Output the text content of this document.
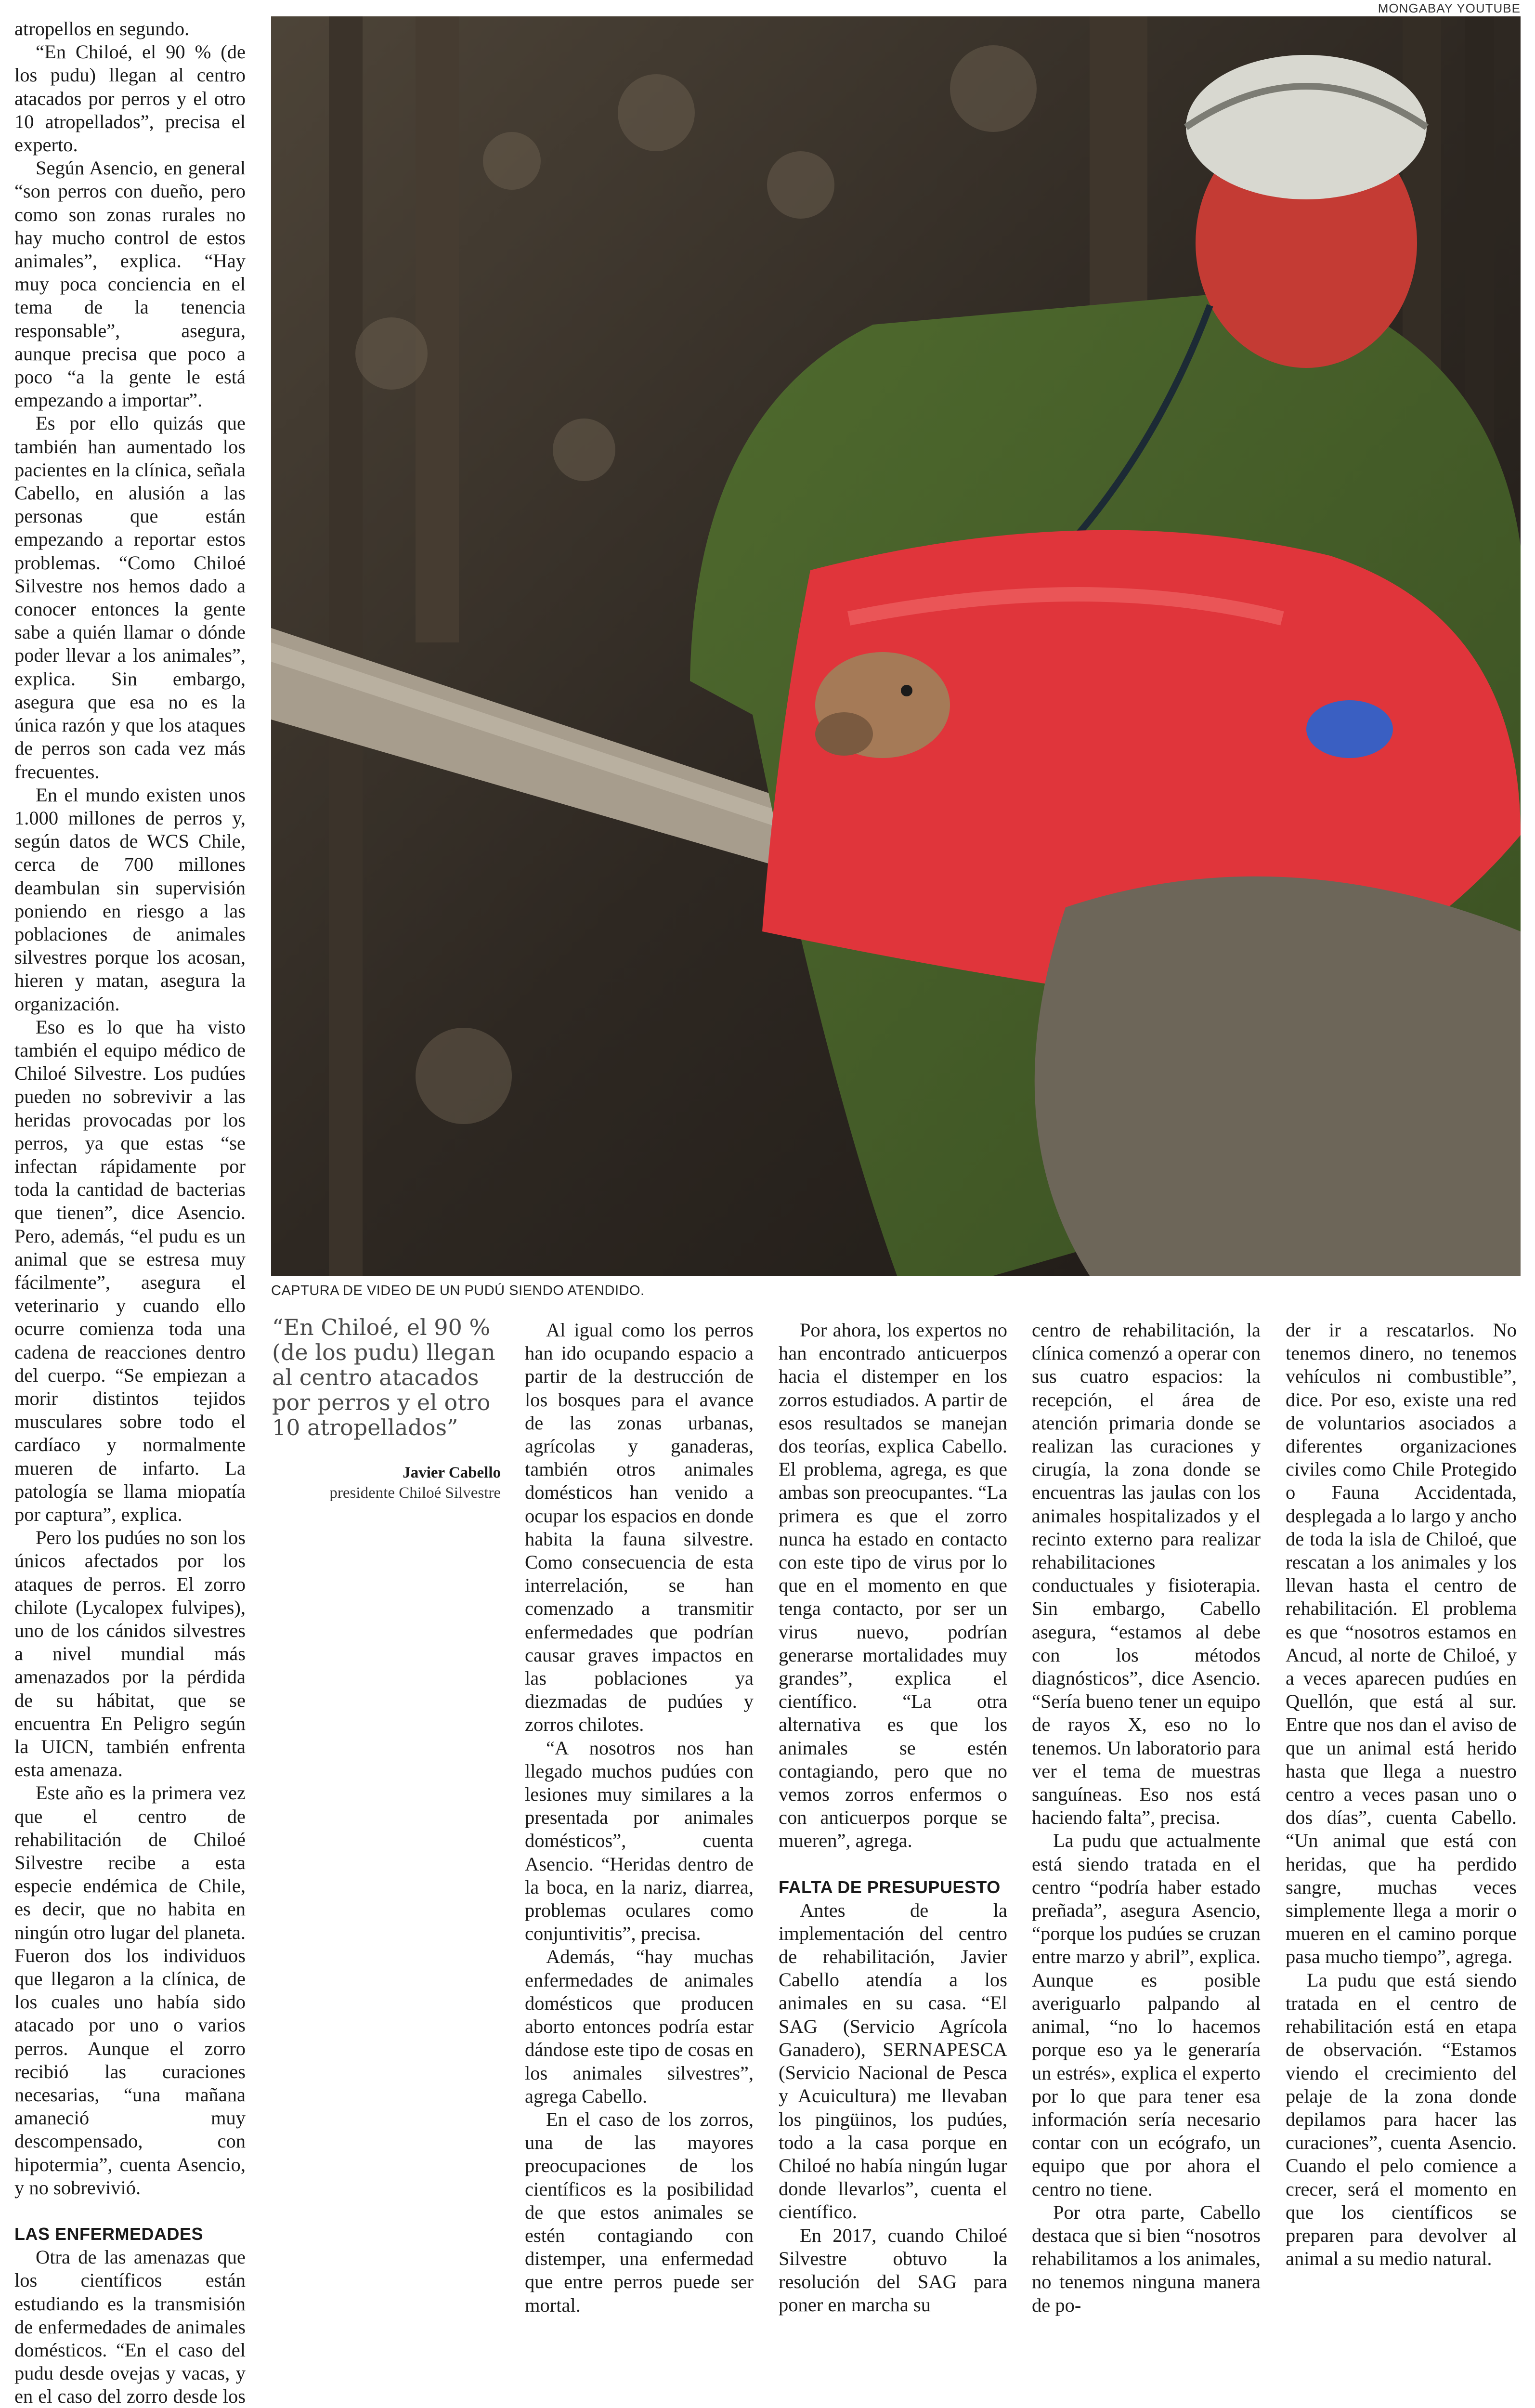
MONGABAY YOUTUBE
CAPTURA DE VIDEO DE UN PUDÚ SIENDO ATENDIDO.

atropellos en segundo.

“En Chiloé, el 90 % (de los pudu) llegan al centro atacados por perros y el otro 10 atropellados”, precisa el experto.

Según Asencio, en general “son perros con dueño, pero como son zonas rurales no hay mucho control de estos animales”, explica. “Hay muy poca conciencia en el tema de la tenencia responsable”, asegura, aunque precisa que poco a poco “a la gente le está empezando a importar”.

Es por ello quizás que también han aumentado los pacientes en la clínica, señala Cabello, en alusión a las personas que están empezando a reportar estos problemas. “Como Chiloé Silvestre nos hemos dado a conocer entonces la gente sabe a quién llamar o dónde poder llevar a los animales”, explica. Sin embargo, asegura que esa no es la única razón y que los ataques de perros son cada vez más frecuentes.

En el mundo existen unos 1.000 millones de perros y, según datos de WCS Chile, cerca de 700 millones deambulan sin supervisión poniendo en riesgo a las poblaciones de animales silvestres porque los acosan, hieren y matan, asegura la organización.

Eso es lo que ha visto también el equipo médico de Chiloé Silvestre. Los pudúes pueden no sobrevivir a las heridas provocadas por los perros, ya que estas “se infectan rápidamente por toda la cantidad de bacterias que tienen”, dice Asencio. Pero, además, “el pudu es un animal que se estresa muy fácilmente”, asegura el veterinario y cuando ello ocurre comienza toda una cadena de reacciones dentro del cuerpo. “Se empiezan a morir distintos tejidos musculares sobre todo el cardíaco y normalmente mueren de infarto. La patología se llama miopatía por captura”, explica.

Pero los pudúes no son los únicos afectados por los ataques de perros. El zorro chilote (Lycalopex fulvipes), uno de los cánidos silvestres a nivel mundial más amenazados por la pérdida de su hábitat, que se encuentra En Peligro según la UICN, también enfrenta esta amenaza.

Este año es la primera vez que el centro de rehabilitación de Chiloé Silvestre recibe a esta especie endémica de Chile, es decir, que no habita en ningún otro lugar del planeta. Fueron dos los individuos que llegaron a la clínica, de los cuales uno había sido atacado por uno o varios perros. Aunque el zorro recibió las curaciones necesarias, “una mañana amaneció muy descompensado, con hipotermia”, cuenta Asencio, y no sobrevivió.

LAS ENFERMEDADES

Otra de las amenazas que los científicos están estudiando es la transmisión de enfermedades de animales domésticos. “En el caso del pudu desde ovejas y vacas, y en el caso del zorro desde los

“En Chiloé, el 90 % (de los pudu) llegan al centro atacados por perros y el otro 10 atropellados”
Javier Cabello
presidente Chiloé Silvestre

Al igual como los perros han ido ocupando espacio a partir de la destrucción de los bosques para el avance de las zonas urbanas, agrícolas y ganaderas, también otros animales domésticos han venido a ocupar los espacios en donde habita la fauna silvestre. Como consecuencia de esta interrelación, se han comenzado a transmitir enfermedades que podrían causar graves impactos en las poblaciones ya diezmadas de pudúes y zorros chilotes.

“A nosotros nos han llegado muchos pudúes con lesiones muy similares a la presentada por animales domésticos”, cuenta Asencio. “Heridas dentro de la boca, en la nariz, diarrea, problemas oculares como conjuntivitis”, precisa.

Además, “hay muchas enfermedades de animales domésticos que producen aborto entonces podría estar dándose este tipo de cosas en los animales silvestres”, agrega Cabello.

En el caso de los zorros, una de las mayores preocupaciones de los científicos es la posibilidad de que estos animales se estén contagiando con distemper, una enfermedad que entre perros puede ser mortal.

Por ahora, los expertos no han encontrado anticuerpos hacia el distemper en los zorros estudiados. A partir de esos resultados se manejan dos teorías, explica Cabello. El problema, agrega, es que ambas son preocupantes. “La primera es que el zorro nunca ha estado en contacto con este tipo de virus por lo que en el momento en que tenga contacto, por ser un virus nuevo, podrían generarse mortalidades muy grandes”, explica el científico. “La otra alternativa es que los animales se estén contagiando, pero que no vemos zorros enfermos o con anticuerpos porque se mueren”, agrega.

FALTA DE PRESUPUESTO

Antes de la implementación del centro de rehabilitación, Javier Cabello atendía a los animales en su casa. “El SAG (Servicio Agrícola Ganadero), SERNAPESCA (Servicio Nacional de Pesca y Acuicultura) me llevaban los pingüinos, los pudúes, todo a la casa porque en Chiloé no había ningún lugar donde llevarlos”, cuenta el científico.

En 2017, cuando Chiloé Silvestre obtuvo la resolución del SAG para poner en marcha su

centro de rehabilitación, la clínica comenzó a operar con sus cuatro espacios: la recepción, el área de atención primaria donde se realizan las curaciones y cirugía, la zona donde se encuentras las jaulas con los animales hospitalizados y el recinto externo para realizar rehabilitaciones conductuales y fisioterapia. Sin embargo, Cabello asegura, “estamos al debe con los métodos diagnósticos”, dice Asencio. “Sería bueno tener un equipo de rayos X, eso no lo tenemos. Un laboratorio para ver el tema de muestras sanguíneas. Eso nos está haciendo falta”, precisa.

La pudu que actualmente está siendo tratada en el centro “podría haber estado preñada”, asegura Asencio, “porque los pudúes se cruzan entre marzo y abril”, explica. Aunque es posible averiguarlo palpando al animal, “no lo hacemos porque eso ya le generaría un estrés», explica el experto por lo que para tener esa información sería necesario contar con un ecógrafo, un equipo que por ahora el centro no tiene.

Por otra parte, Cabello destaca que si bien “nosotros rehabilitamos a los animales, no tenemos ninguna manera de po-

der ir a rescatarlos. No tenemos dinero, no tenemos vehículos ni combustible”, dice. Por eso, existe una red de voluntarios asociados a diferentes organizaciones civiles como Chile Protegido o Fauna Accidentada, desplegada a lo largo y ancho de toda la isla de Chiloé, que rescatan a los animales y los llevan hasta el centro de rehabilitación. El problema es que “nosotros estamos en Ancud, al norte de Chiloé, y a veces aparecen pudúes en Quellón, que está al sur. Entre que nos dan el aviso de que un animal está herido hasta que llega a nuestro centro a veces pasan uno o dos días”, cuenta Cabello. “Un animal que está con heridas, que ha perdido sangre, muchas veces simplemente llega a morir o mueren en el camino porque pasa mucho tiempo”, agrega.

La pudu que está siendo tratada en el centro de rehabilitación está en etapa de observación. “Estamos viendo el crecimiento del pelaje de la zona donde depilamos para hacer las curaciones”, cuenta Asencio. Cuando el pelo comience a crecer, será el momento en que los científicos se preparen para devolver al animal a su medio natural.
